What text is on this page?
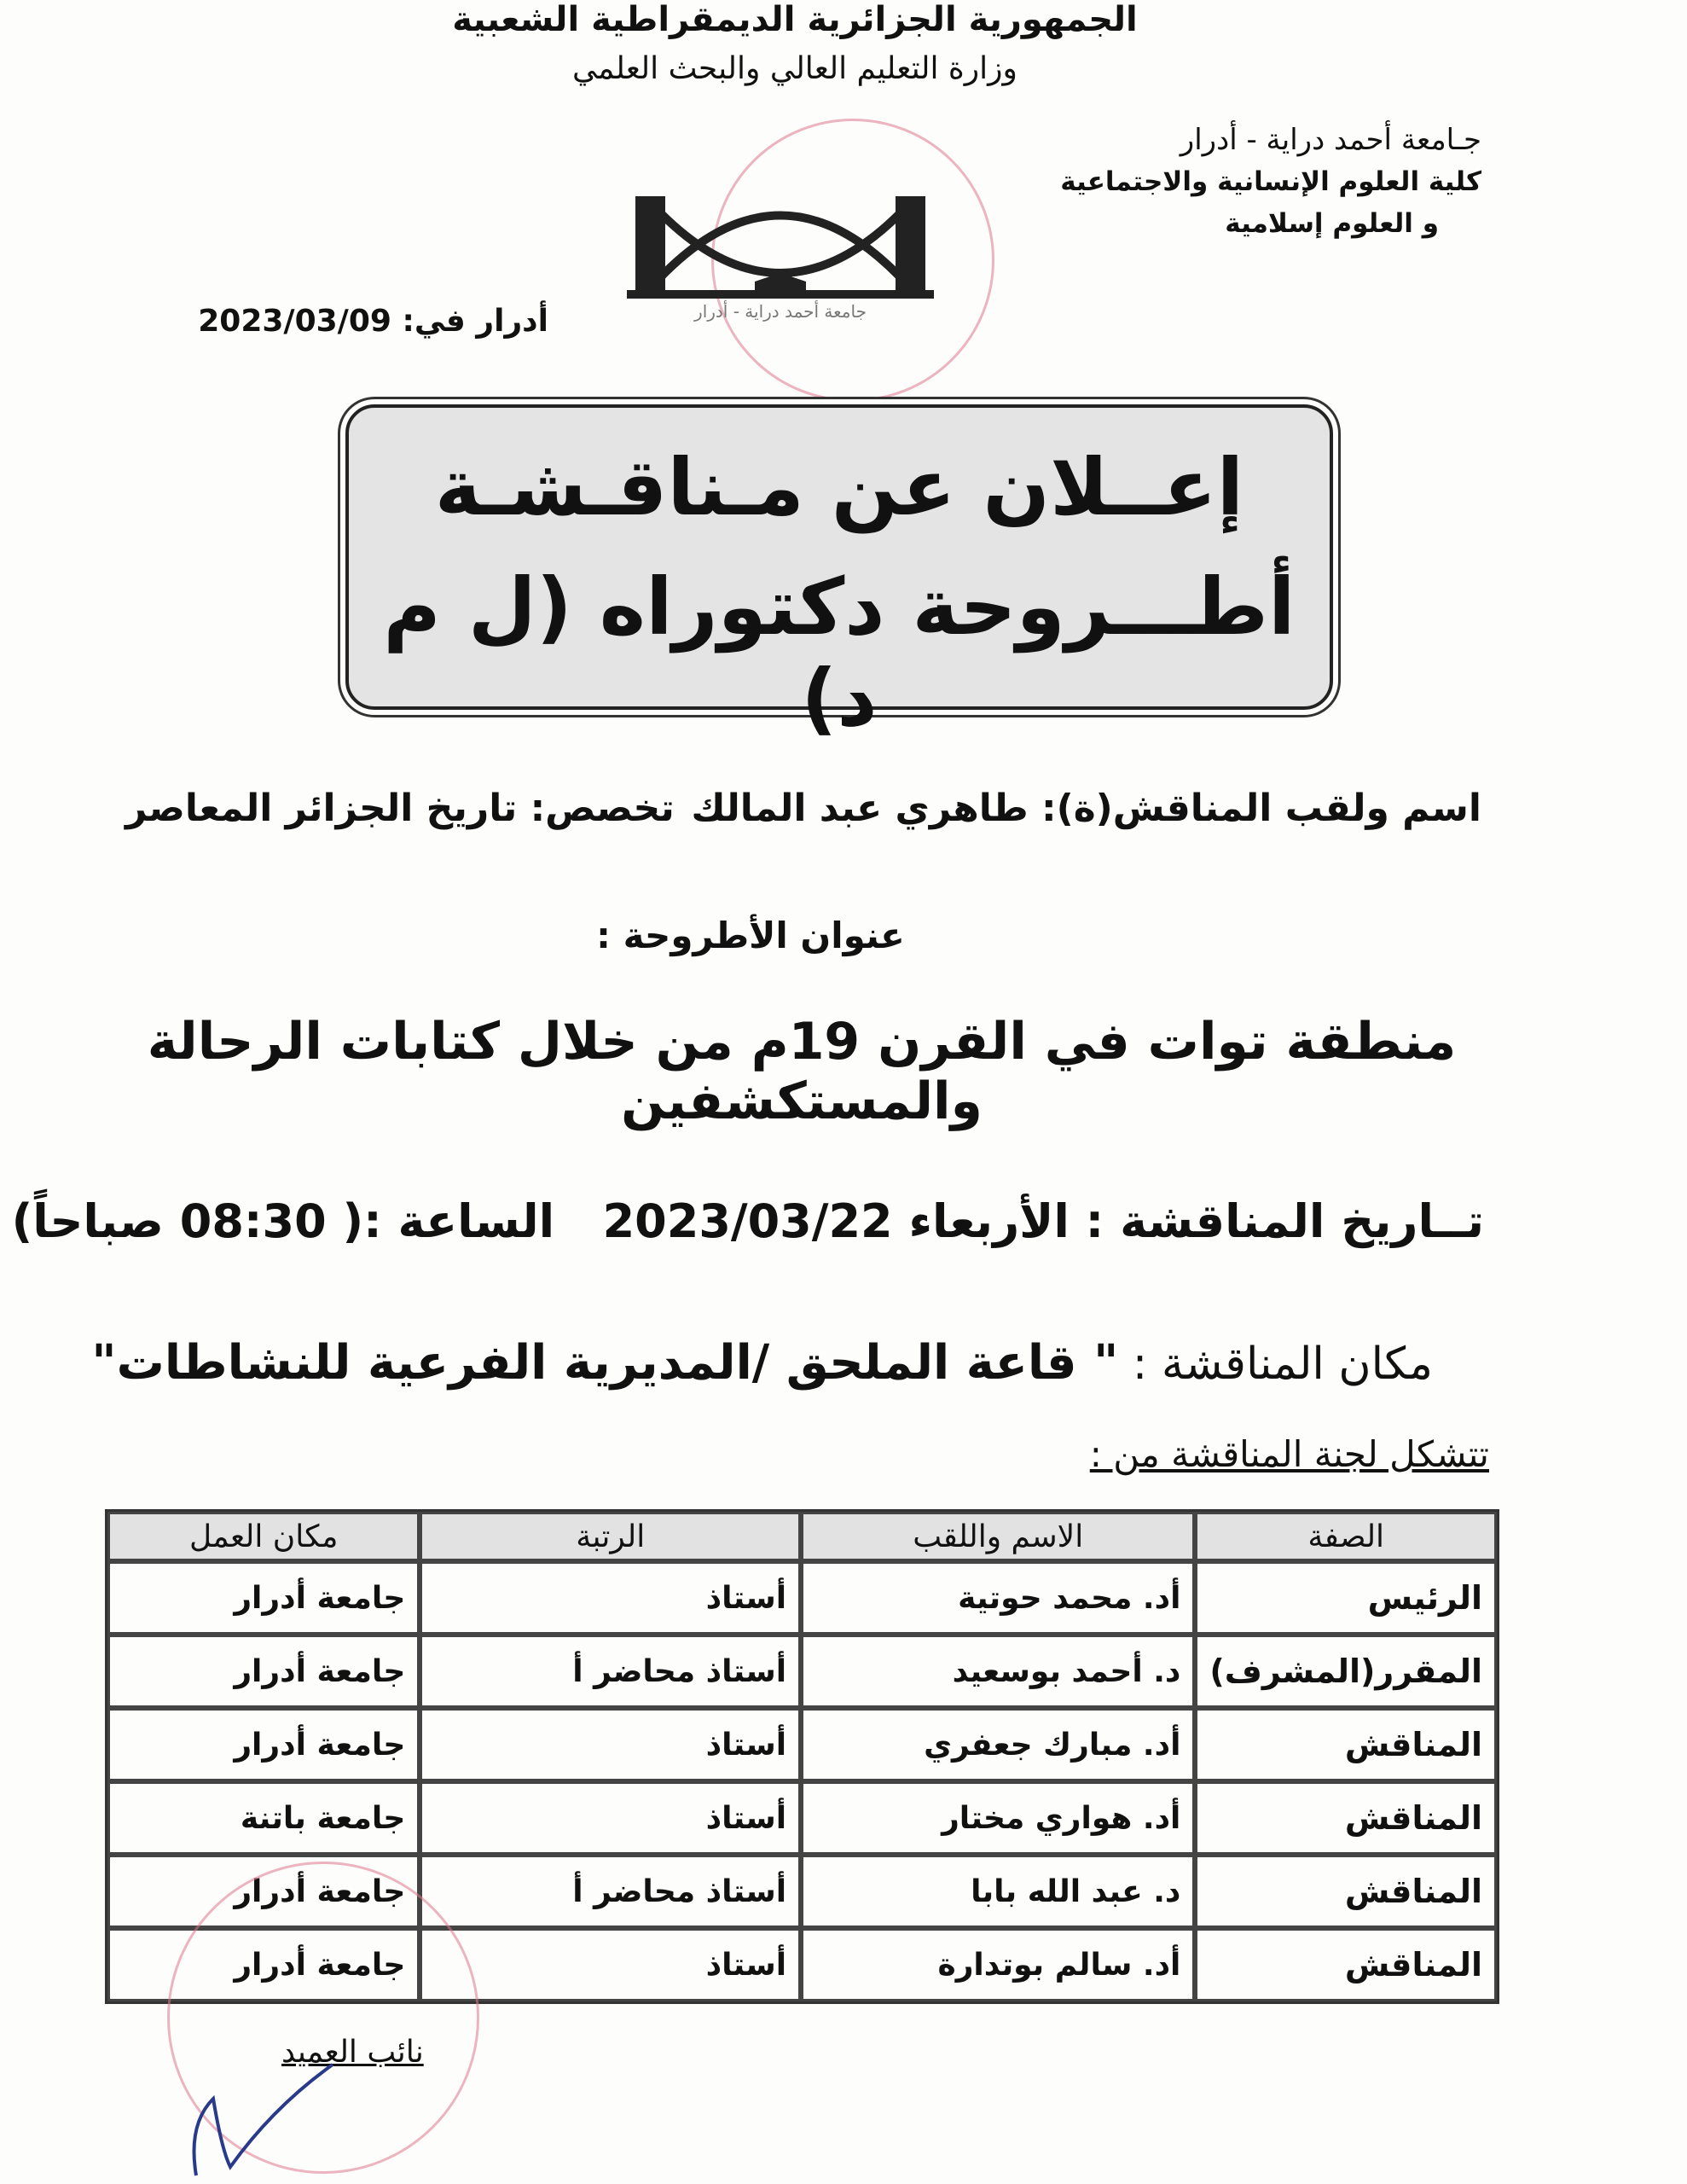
الجمهورية الجزائرية الديمقراطية الشعبية
وزارة التعليم العالي والبحث العلمي
جـامعة أحمد دراية - أدرار
كلية العلوم الإنسانية والاجتماعية
و العلوم إسلامية
جامعة أحمد دراية - أدرار
أدرار في: 2023/03/09
إعــلان عن مـناقـشـة
أطـــروحة دكتوراه (ل م د)
اسم ولقب المناقش(ة): طاهري عبد المالك
تخصص: تاريخ الجزائر المعاصر
عنوان الأطروحة :
منطقة توات في القرن 19م من خلال كتابات الرحالة والمستكشفين
تــاريخ المناقشة : الأربعاء 2023/03/22   الساعة :( 08:30 صباحاً)
مكان المناقشة : " قاعة الملحق /المديرية الفرعية للنشاطات"
تتشكل لجنة المناقشة من :
الصفة	الاسم واللقب	الرتبة	مكان العمل
الرئيس	أد. محمد حوتية	أستاذ	جامعة أدرار
المقرر(المشرف)	د. أحمد بوسعيد	أستاذ محاضر أ	جامعة أدرار
المناقش	أد. مبارك جعفري	أستاذ	جامعة أدرار
المناقش	أد. هواري مختار	أستاذ	جامعة باتنة
المناقش	د. عبد الله بابا	أستاذ محاضر أ	جامعة أدرار
المناقش	أد. سالم بوتدارة	أستاذ	جامعة أدرار
نائب العميد
